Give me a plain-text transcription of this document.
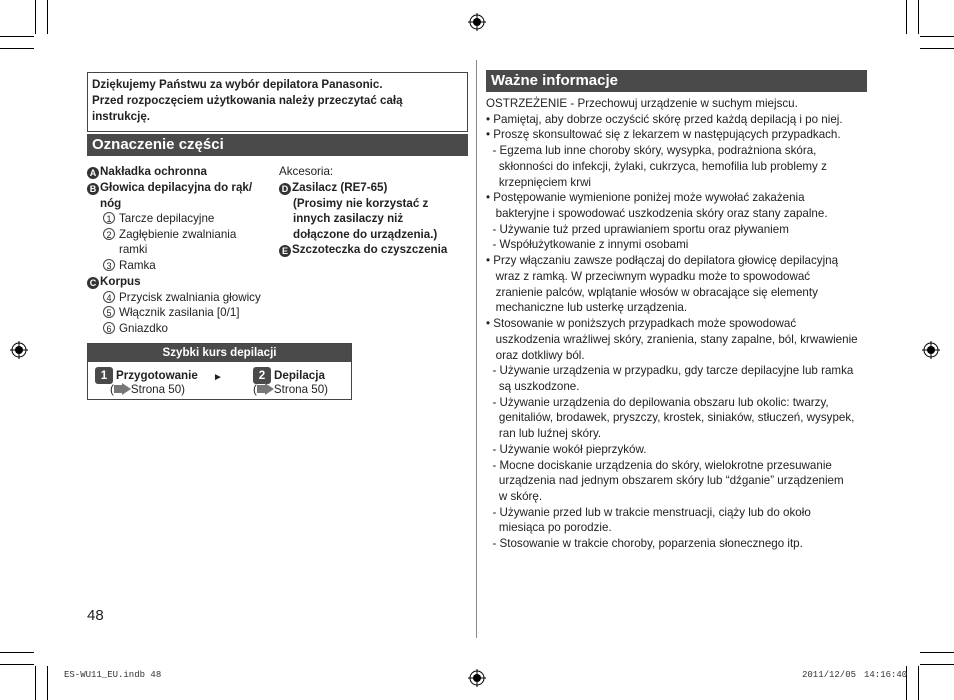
Dziękujemy Państwu za wybór depilatora Panasonic.
Przed rozpoczęciem użytkowania należy przeczytać całą
instrukcję.
Oznaczenie części
A Nakładka ochronna
B Głowica depilacyjna do rąk/
nóg
1 Tarcze depilacyjne
2 Zagłębienie zwalniania
ramki
3 Ramka
C Korpus
4 Przycisk zwalniania głowicy
5 Włącznik zasilania [0/1]
6 Gniazdko
Akcesoria:
D Zasilacz (RE7-65)
(Prosimy nie korzystać z
innych zasilaczy niż
dołączone do urządzenia.)
E Szczoteczka do czyszczenia
Szybki kurs depilacji
1 Przygotowanie
( Strona 50)
►	2 Depilacja
( Strona 50)
Ważne informacje
OSTRZEŻENIE - Przechowuj urządzenie w suchym miejscu.
• Pamiętaj, aby dobrze oczyścić skórę przed każdą depilacją i po niej.
• Proszę skonsultować się z lekarzem w następujących przypadkach.
- Egzema lub inne choroby skóry, wysypka, podrażniona skóra,
skłonności do infekcji, żylaki, cukrzyca, hemofilia lub problemy z
krzepnięciem krwi
• Postępowanie wymienione poniżej może wywołać zakażenia
bakteryjne i spowodować uszkodzenia skóry oraz stany zapalne.
- Używanie tuż przed uprawianiem sportu oraz pływaniem
- Współużytkowanie z innymi osobami
• Przy włączaniu zawsze podłączaj do depilatora głowicę depilacyjną
wraz z ramką. W przeciwnym wypadku może to spowodować
zranienie palców, wplątanie włosów w obracające się elementy
mechaniczne lub usterkę urządzenia.
• Stosowanie w poniższych przypadkach może spowodować
uszkodzenia wrażliwej skóry, zranienia, stany zapalne, ból, krwawienie
oraz dotkliwy ból.
- Używanie urządzenia w przypadku, gdy tarcze depilacyjne lub ramka
są uszkodzone.
- Używanie urządzenia do depilowania obszaru lub okolic: twarzy,
genitaliów, brodawek, pryszczy, krostek, siniaków, stłuczeń, wysypek,
ran lub luźnej skóry.
- Używanie wokół pieprzyków.
- Mocne dociskanie urządzenia do skóry, wielokrotne przesuwanie
urządzenia nad jednym obszarem skóry lub “dźganie” urządzeniem
w skórę.
- Używanie przed lub w trakcie menstruacji, ciąży lub do około
miesiąca po porodzie.
- Stosowanie w trakcie choroby, poparzenia słonecznego itp.
48
ES-WU11_EU.indb 48	2011/12/05 14:16:40
